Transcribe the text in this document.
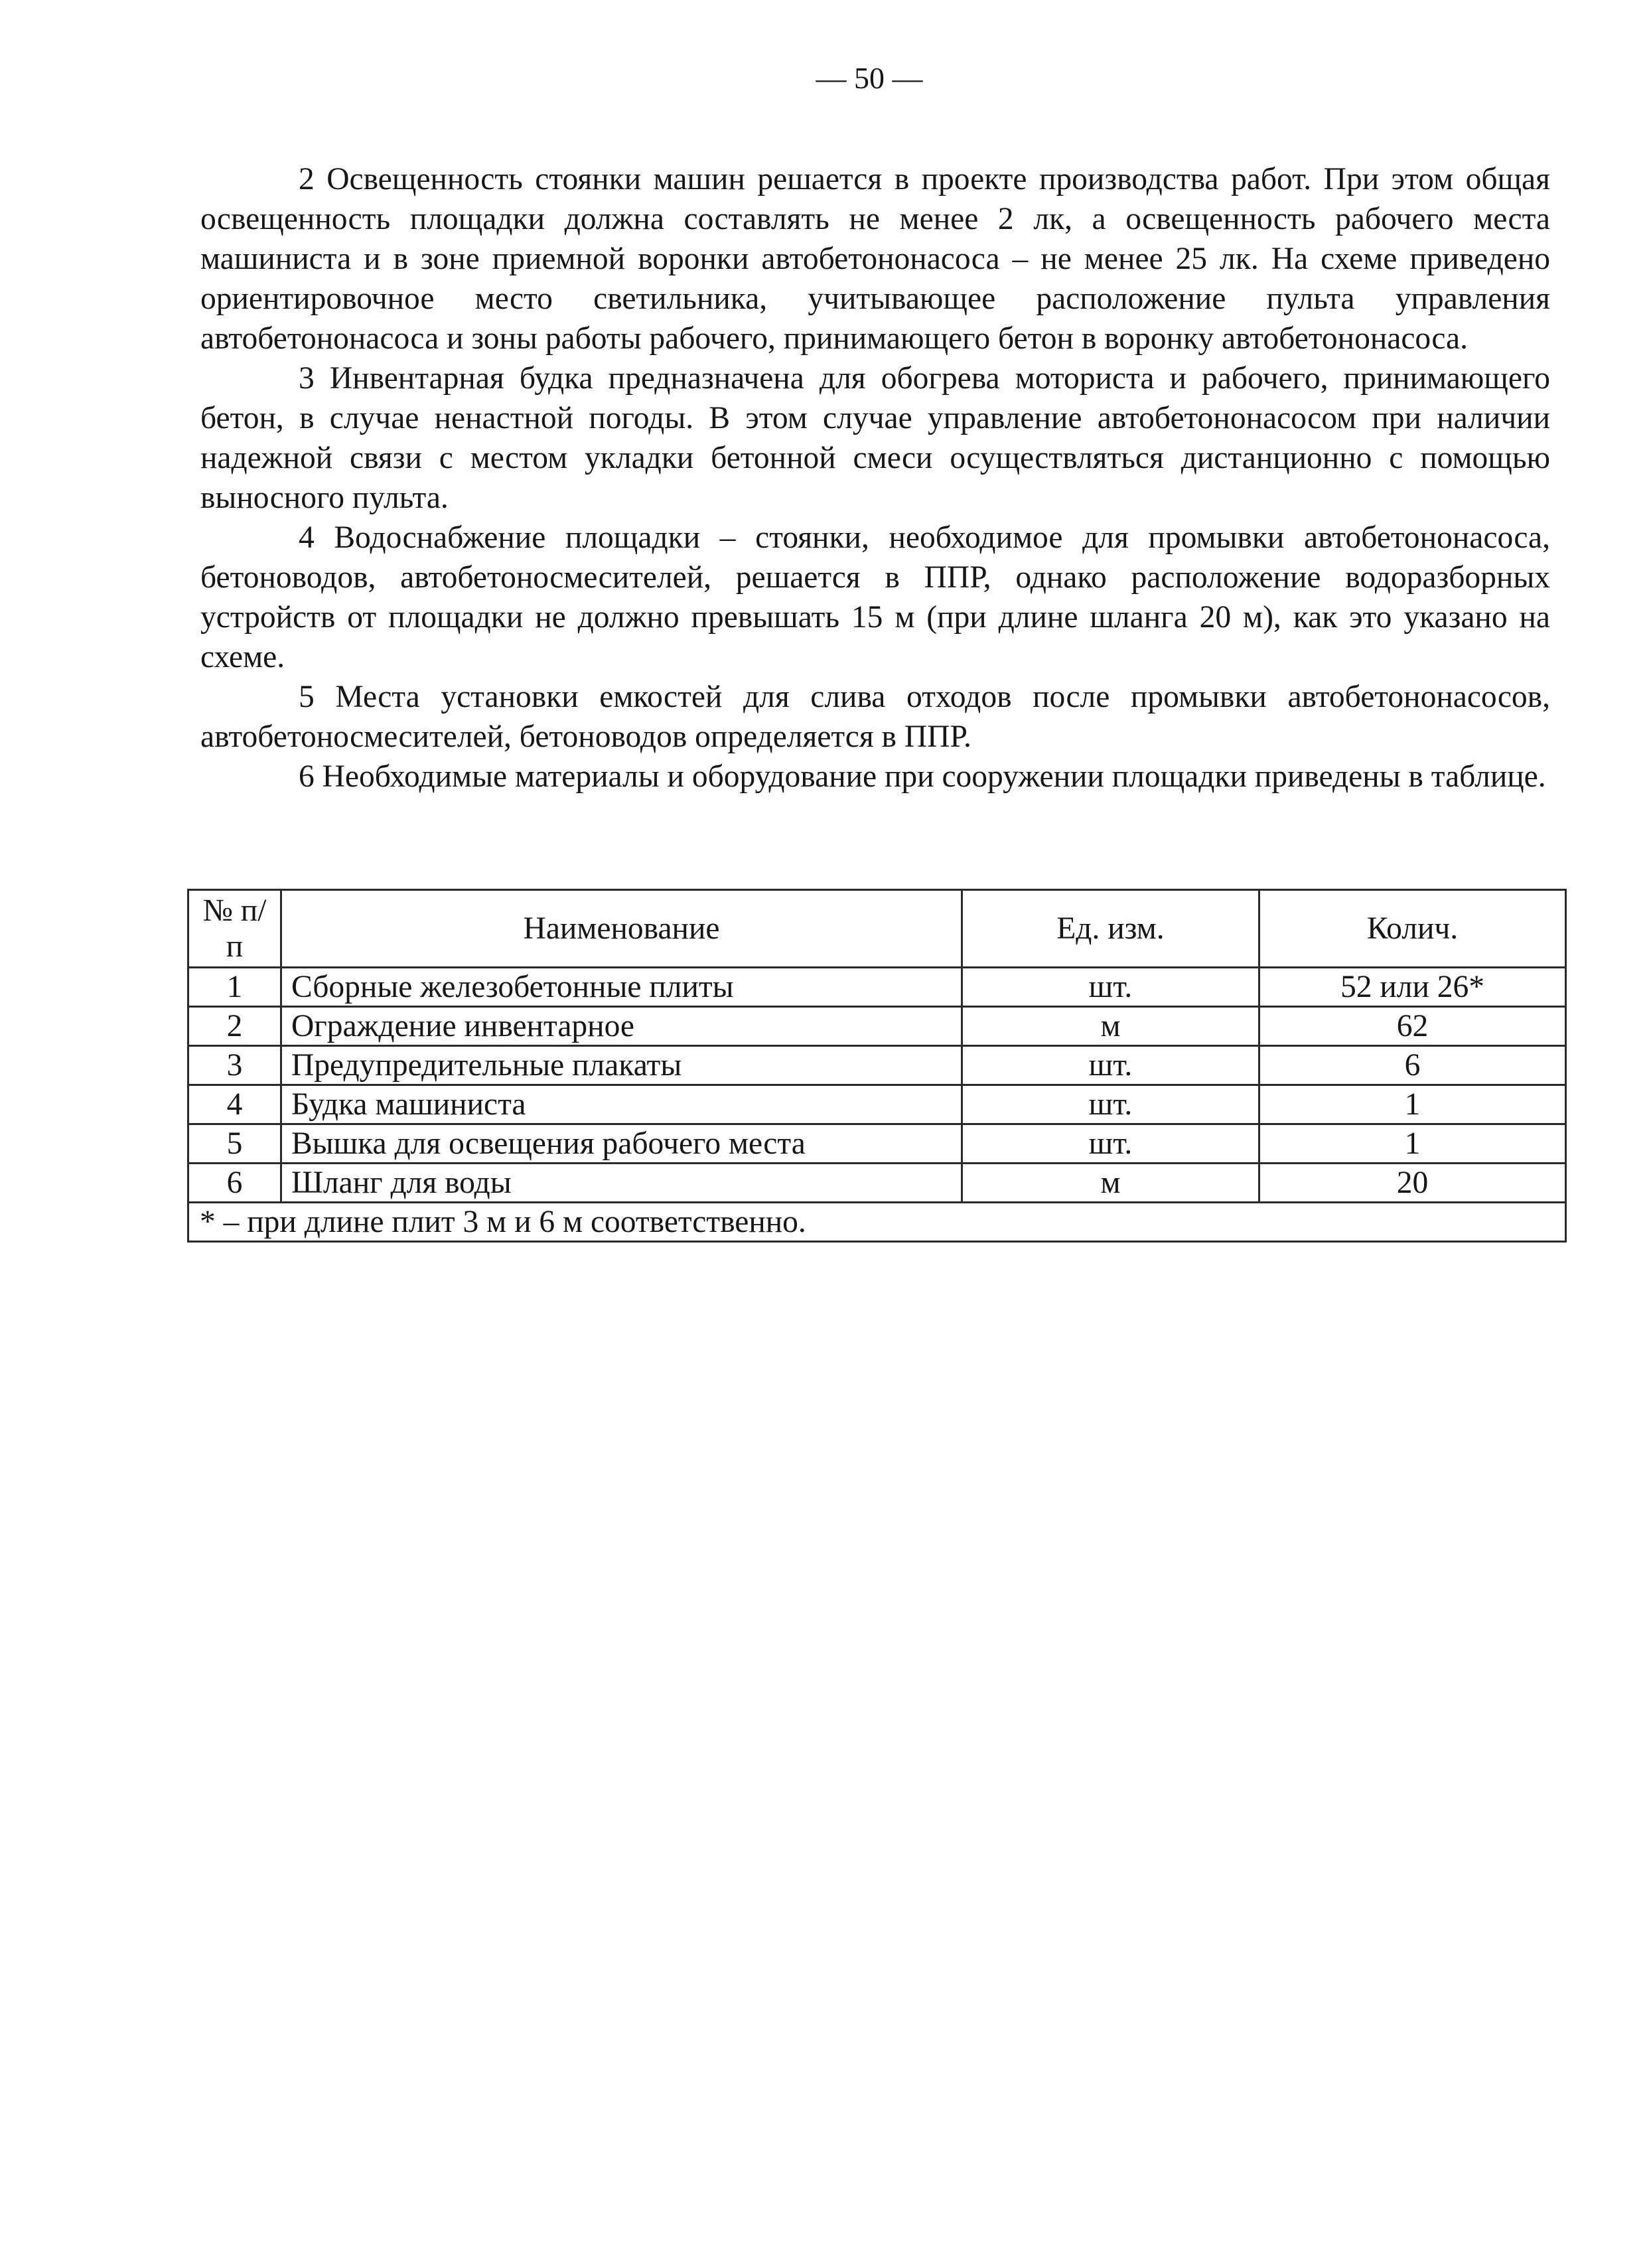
— 50 —

2 Освещенность стоянки машин решается в проекте производства работ. При этом общая освещенность площадки должна составлять не менее 2 лк, а освещенность рабочего места машиниста и в зоне приемной воронки автобетононасоса – не менее 25 лк. На схеме приведено ориентировочное место светильника, учитывающее расположение пульта управления автобетононасоса и зоны работы рабочего, принимающего бетон в воронку автобетононасоса.

3 Инвентарная будка предназначена для обогрева моториста и рабочего, принимающего бетон, в случае ненастной погоды. В этом случае управление автобетононасосом при наличии надежной связи с местом укладки бетонной смеси осуществляться дистанционно с помощью выносного пульта.

4 Водоснабжение площадки – стоянки, необходимое для промывки автобетононасоса, бетоноводов, автобетоносмесителей, решается в ППР, однако расположение водоразборных устройств от площадки не должно превышать 15 м (при длине шланга 20 м), как это указано на схеме.

5 Места установки емкостей для слива отходов после промывки автобетононасосов, автобетоносмесителей, бетоноводов определяется в ППР.

6 Необходимые материалы и оборудование при сооружении площадки приведены в таблице.

№ п/п	Наименование	Ед. изм.	Колич.
1	Сборные железобетонные плиты	шт.	52 или 26*
2	Ограждение инвентарное	м	62
3	Предупредительные плакаты	шт.	6
4	Будка машиниста	шт.	1
5	Вышка для освещения рабочего места	шт.	1
6	Шланг для воды	м	20
* – при длине плит 3 м и 6 м соответственно.			
